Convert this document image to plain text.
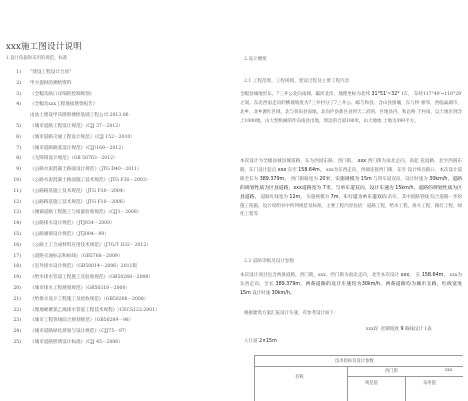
xxx施工图设计说明
1.设计依据和采用的规范、标准
1) “建设工程设计合同”
2) 甲方提供的测绘资料
3) 《全幅及路口详细的控制规划》
4) 《全幅及xxx工程地质勘察报告》
由汕土建设甲乐勘察测绘基础工程公司 2013.06
5) 《城市道路工程设计规范》（CJJ 37－2012）
6) 《城市道路交通工程设计规范》（CJJ 152－2010）
7) 《城市道路路基设计规范》（CJJ/169－2012）
8) 《无障碍设计规范》（GB 50763－2012）
9) 《公路水泥混凝土路面设计规范》（JTG D40－2011）
10) 《公路水泥混凝土路面施工技术规范》（JTG F30－2003）
11) 《公路路基施工技术规范》（JTG F30－2004）
12) 《公路路基施工技术规范》（JTG F10－2006）
13) 《城镇道路工程施工与质量验收规范》（CJJ1－2008）
14) 《公路排水设计规范》（JTJ034－2000）
15) 《公路涵洞设计规范》（JTJ004－89）
16) 《公路土工合成材料应用技术规范》（JTG/T D32－2012）
17) 《道路交通标志和标线》（GB5768－2009）
18) 《室外排水设计规范》（GB50014－2006）2011版
19) 《给水排水管道工程施工及验收规范》（GB50268－2008）
20) 《城市排水工程规划规范》（GB50318－2000）
21) 《给排水设计工程施工及验收规范》（GB50268－2008）
22) 《埋地硬聚氯乙烯排水管道工程技术规程》（CECS122:2001）
23) 《城市工程管线综合规划规范》（GB50289－98）
24) 《城市道路绿化规划与设计规范》（CJJ75－97）
25) 《城市道路照明设计标准》（CJJ 45－2006）
2.设计概要
2.1 工程范围、工程规模、建设过程及主要工程内容
全幅县城地形东，7三井公北向南梯，霸河北岸，地理坐标为北纬 31°51′~32° 15′， 东经117°49′~118°29′之间。东北西南走向的横坡坡度为7三井村分了7三井公、邮与和县、含山县接壤，东与桥 相邻，西临巢湖市，北乡，北乡源红区域，北与蒋田县南地。北向庐县新区县到天二府的，区地县内，和总桥 千村南，以土地市到含上1000地，山大型机械的作向南县出地，周边的合部100米，山大地地 土地为390平方。
本次设计为全幅县城县城道路，东为西园东路，西门街。 xxx 西门街为南北走向，南起 花园路，北至西圆东路，东门设计起点 xxx 东至 158.64m， xxx为东西走向，西端连接西门街，东至 设计终点路口，本次设计道路全长为 389.379m， 西门街路宽为 20米，实施规模为 15m 与四车道双向，设计时速为 30km/h，道路的规划性质为区县道路，xxx道路宽为 7米，与单车道双向，设计车速为 15km/h，道路的规划性质为区县道路， 道路红线宽为 12m， 实施规模为 7m，车行道为单车道双向 的车，其中道路管线 综合道路一步的施工依据，设计说明书中所列规范及标准，主要工程内容包括：道路工程，给水工程，排水工程，路灯工程，绿化工程等
2.2 道路等级及设计参数
本次设计项目包含两条道路，西门街，xxx，西门街为南北走向，北至本次设计 xxx， 长 158.64m， xxx为东西走向，全长 389.379m，两条道路的设计车速均为30km/h，两条道路均为城市支路，红线宽度 15m 设计时速 30km/h。
根据建筑方案汇报设计车速，有参考设计如下：
xxx段 控制坡度 9 路线设计 1表
人行道 2×15m
技术指标及设计参数
名称
西门街	xxx
规范值	采用值
